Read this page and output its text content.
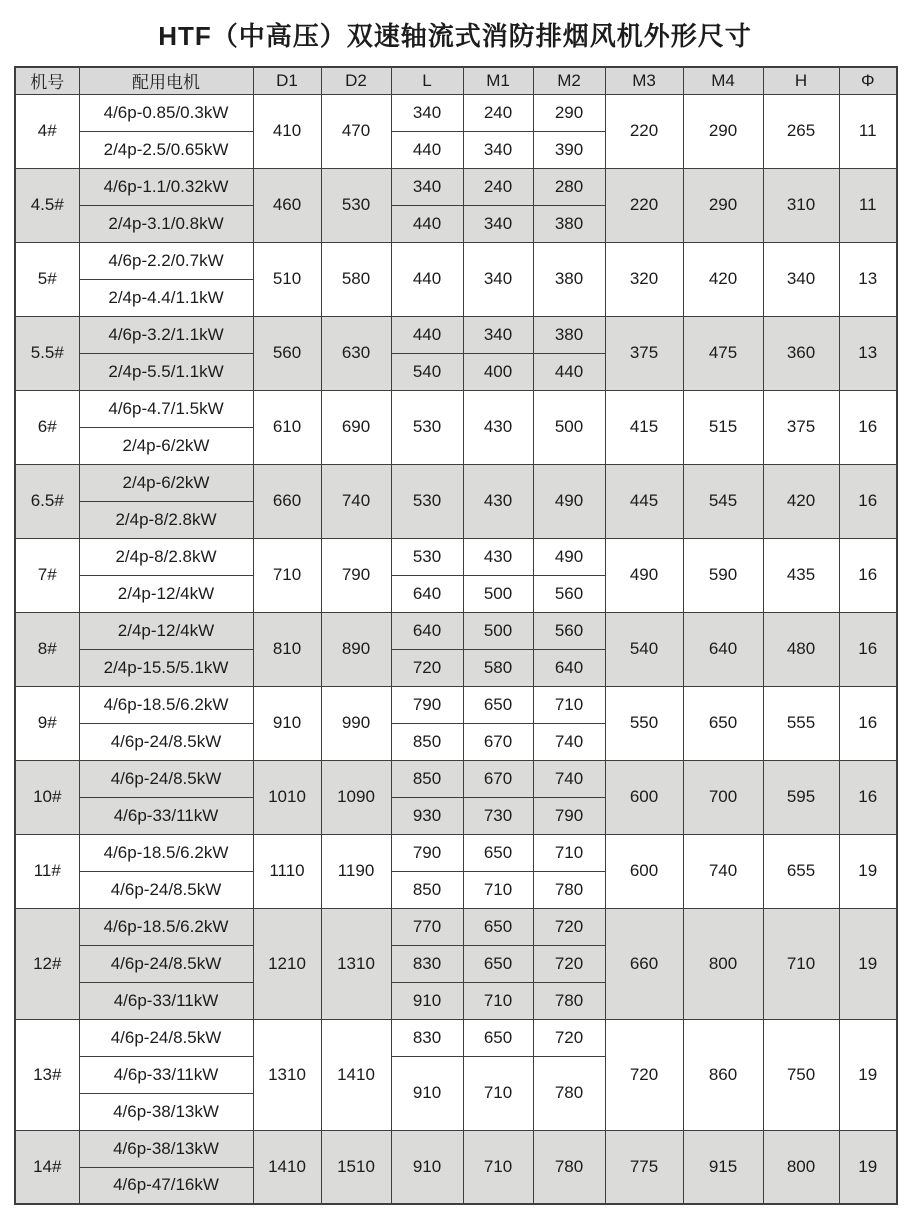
HTF（中高压）双速轴流式消防排烟风机外形尺寸
机号	配用电机	D1	D2	L	M1	M2	M3	M4	H	Φ
4#	4/6p-0.85/0.3kW	410	470	340	240	290	220	290	265	11
	2/4p-2.5/0.65kW			440	340	390				
4.5#	4/6p-1.1/0.32kW	460	530	340	240	280	220	290	310	11
	2/4p-3.1/0.8kW			440	340	380				
5#	4/6p-2.2/0.7kW	510	580	440	340	380	320	420	340	13
	2/4p-4.4/1.1kW									
5.5#	4/6p-3.2/1.1kW	560	630	440	340	380	375	475	360	13
	2/4p-5.5/1.1kW			540	400	440				
6#	4/6p-4.7/1.5kW	610	690	530	430	500	415	515	375	16
	2/4p-6/2kW									
6.5#	2/4p-6/2kW	660	740	530	430	490	445	545	420	16
	2/4p-8/2.8kW									
7#	2/4p-8/2.8kW	710	790	530	430	490	490	590	435	16
	2/4p-12/4kW			640	500	560				
8#	2/4p-12/4kW	810	890	640	500	560	540	640	480	16
	2/4p-15.5/5.1kW			720	580	640				
9#	4/6p-18.5/6.2kW	910	990	790	650	710	550	650	555	16
	4/6p-24/8.5kW			850	670	740				
10#	4/6p-24/8.5kW	1010	1090	850	670	740	600	700	595	16
	4/6p-33/11kW			930	730	790				
11#	4/6p-18.5/6.2kW	1110	1190	790	650	710	600	740	655	19
	4/6p-24/8.5kW			850	710	780				
12#	4/6p-18.5/6.2kW	1210	1310	770	650	720	660	800	710	19
	4/6p-24/8.5kW			830	650	720				
	4/6p-33/11kW			910	710	780				
13#	4/6p-24/8.5kW	1310	1410	830	650	720	720	860	750	19
	4/6p-33/11kW			910	710	780				
	4/6p-38/13kW									
14#	4/6p-38/13kW	1410	1510	910	710	780	775	915	800	19
	4/6p-47/16kW									
